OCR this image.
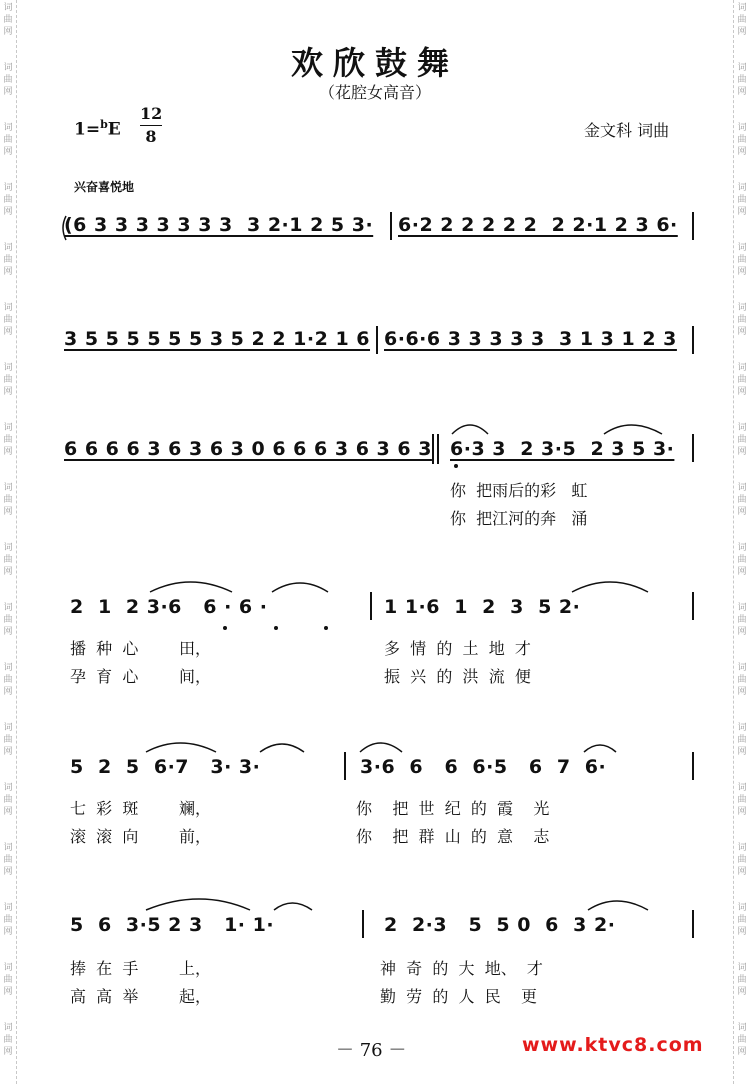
词
曲
网
词
曲
网
词
曲
网
词
曲
网
词
曲
网
词
曲
网
词
曲
网
词
曲
网
词
曲
网
词
曲
网
词
曲
网
词
曲
网
词
曲
网
词
曲
网
词
曲
网
词
曲
网
词
曲
网
词
曲
网
词
曲
网
词
曲
网
词
曲
网
词
曲
网
词
曲
网
词
曲
网
词
曲
网
词
曲
网
词
曲
网
词
曲
网
词
曲
网
词
曲
网
词
曲
网
词
曲
网
词
曲
网
词
曲
网
词
曲
网
词
曲
网
欢欣鼓舞
（花腔女高音）
1=$^b$E
12
8	金文科 词曲
兴奋喜悦地
(6 3 3 3 3 3 3 3  3 2·1 2 5 3· 6·2 2 2 2 2 2  2 2·1 2 3 6·
3 5 5 5 5 5 5 3 5 2 2 1·2 1 6 6·6·6 3 3 3 3 3  3 1 3 1 2 3
6 6 6 6 3 6 3 6 3 0 6 6 6 3 6 3 6 3 6·3 3  2 3·5  2 3 5 3·
你  把雨后的彩   虹
你  把江河的奔   涌
2  1  2 3·6   6 · 6 ·	1 1·6  1  2  3  5 2·
播  种  心        田，	多  情  的  土  地  才
孕  育  心        间，	振  兴  的  洪  流  便
5  2  5  6·7   3· 3·	3·6  6   6  6·5   6  7  6·
七  彩  斑        斓，	你    把  世  纪  的  霞    光
滚  滚  向        前，	你    把  群  山  的  意    志
5  6  3·5 2 3   1· 1·	2  2·3   5  5 0  6  3 2·
捧  在  手        上，	神  奇  的  大  地、  才
高  高  举        起，	勤  劳  的  人  民    更
－ 76 －	www.ktvc8.com
